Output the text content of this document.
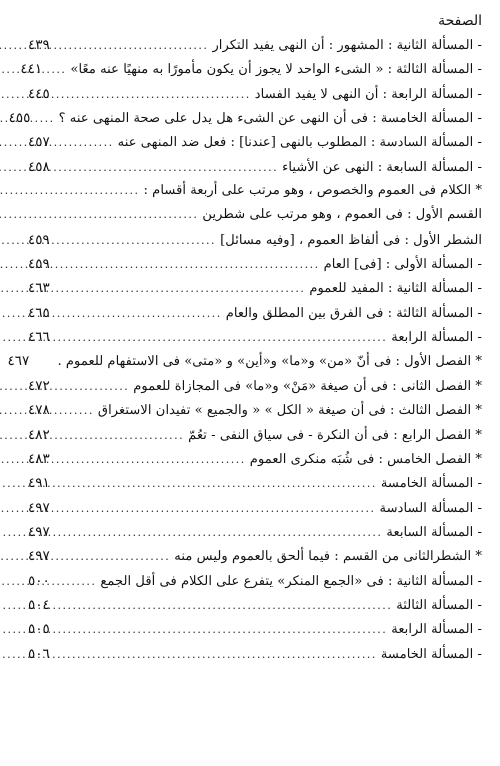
الصفحة
- المسألة الثانية : المشهور : أن النهى يفيد التكرار
.....
٤٣٩
- المسألة الثالثة : « الشىء الواحد لا يجوز أن يكون مأمورًا به منهيًا عنه معًا»
.....
٤٤١
- المسألة الرابعة : أن النهى لا يفيد الفساد
.....
٤٤٥
- المسألة الخامسة : فى أن النهى عن الشىء هل يدل على صحة المنهى عنه ؟
.....
٤٥٥
- المسألة السادسة : المطلوب بالنهى [عندنا] : فعل ضد المنهى عنه
.....
٤٥٧
- المسألة السابعة : النهى عن الأشياء
.....
٤٥٨
* الكلام فى العموم والخصوص ، وهو مرتب على أربعة أقسام :
.....
القسم الأول : فى العموم ، وهو مرتب على شطرين
.....
الشطر الأول : فى ألفاظ العموم ، [وفيه مسائل]
.....
٤٥٩
- المسألة الأولى : [فى] العام
.....
٤٥٩
- المسألة الثانية : المفيد للعموم
.....
٤٦٣
- المسألة الثالثة : فى الفرق بين المطلق والعام
.....
٤٦٥
- المسألة الرابعة
.....
٤٦٦
* الفصل الأول : فى أنّ «من» و«ما» و«أين» و «متى» فى الاستفهام للعموم .
٤٦٧
* الفصل الثانى : فى أن صيغة «مَنْ» و«ما» فى المجازاة للعموم
.....
٤٧٢
* الفصل الثالث : فى أن صيغة « الكل » « والجميع » تفيدان الاستغراق
.....
٤٧٨
* الفصل الرابع : فى أن النكرة - فى سياق النفى - تعُمّ
.....
٤٨٢
* الفصل الخامس : فى شُبَه منكرى العموم
.....
٤٨٣
- المسألة الخامسة
.....
٤٩١
- المسألة السادسة
.....
٤٩٧
- المسألة السابعة
.....
٤٩٧
* الشطرالثانى من القسم : فيما ألحق بالعموم وليس منه
.....
٤٩٧
- المسألة الثانية : فى «الجمع المنكر» يتفرع على الكلام فى أقل الجمع
.....
٥٠٠
- المسألة الثالثة
.....
٥٠٤
- المسألة الرابعة
.....
٥٠٥
- المسألة الخامسة
.....
٥٠٦
